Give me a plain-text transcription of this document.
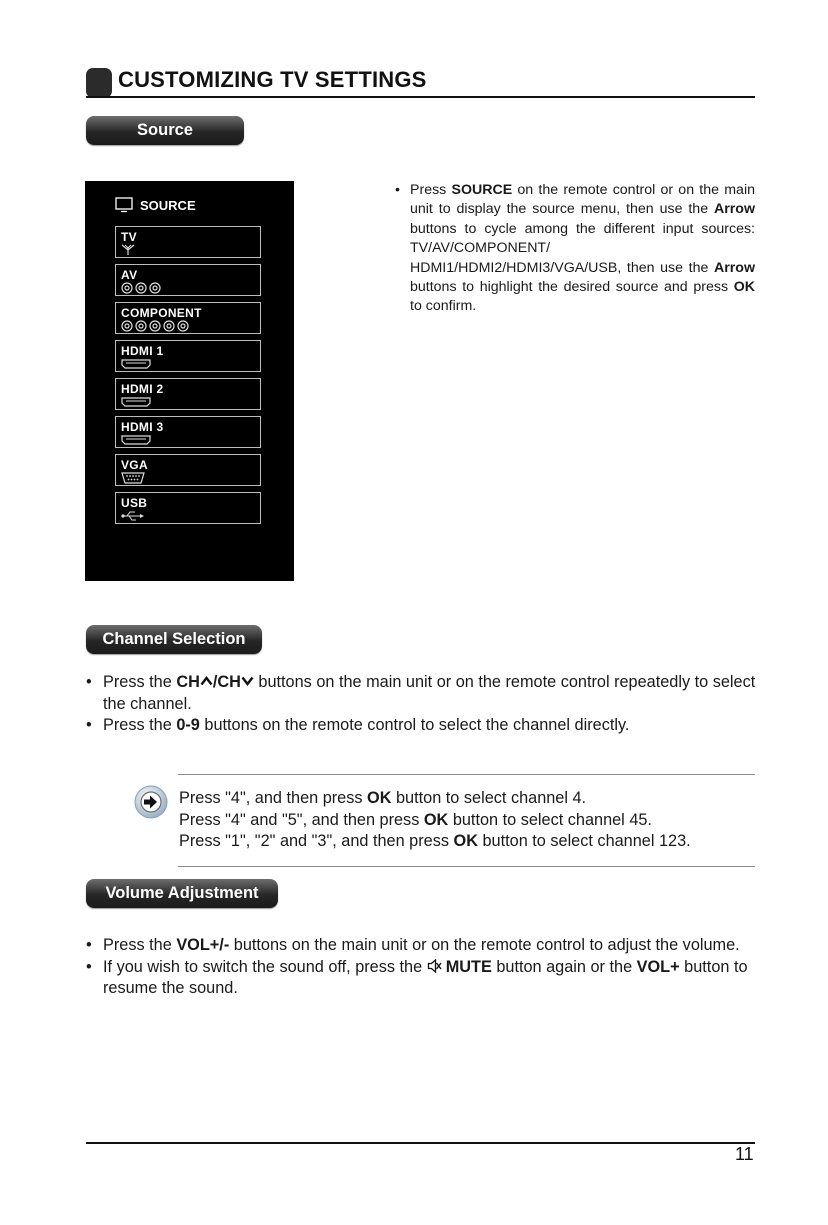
CUSTOMIZING TV SETTINGS
Source
SOURCE
TV
AV
COMPONENT
HDMI 1
HDMI 2
HDMI 3
VGA
USB
• Press SOURCE on the remote control or on the main unit to display the source menu, then use the Arrow buttons to cycle among the different input sources: TV/AV/COMPONENT/ HDMI1/HDMI2/HDMI3/VGA/USB, then use the Arrow buttons to highlight the desired source and press OK to confirm.
Channel Selection
• Press the CH /CH buttons on the main unit or on the remote control repeatedly to select the channel.
• Press the 0-9 buttons on the remote control to select the channel directly.
Press "4", and then press OK button to select channel 4.
Press "4" and "5", and then press OK button to select channel 45.
Press "1", "2" and "3", and then press OK button to select channel 123.
Volume Adjustment
• Press the VOL+/- buttons on the main unit or on the remote control to adjust the volume.
• If you wish to switch the sound off, press the MUTE button again or the VOL+ button to resume the sound.
11
